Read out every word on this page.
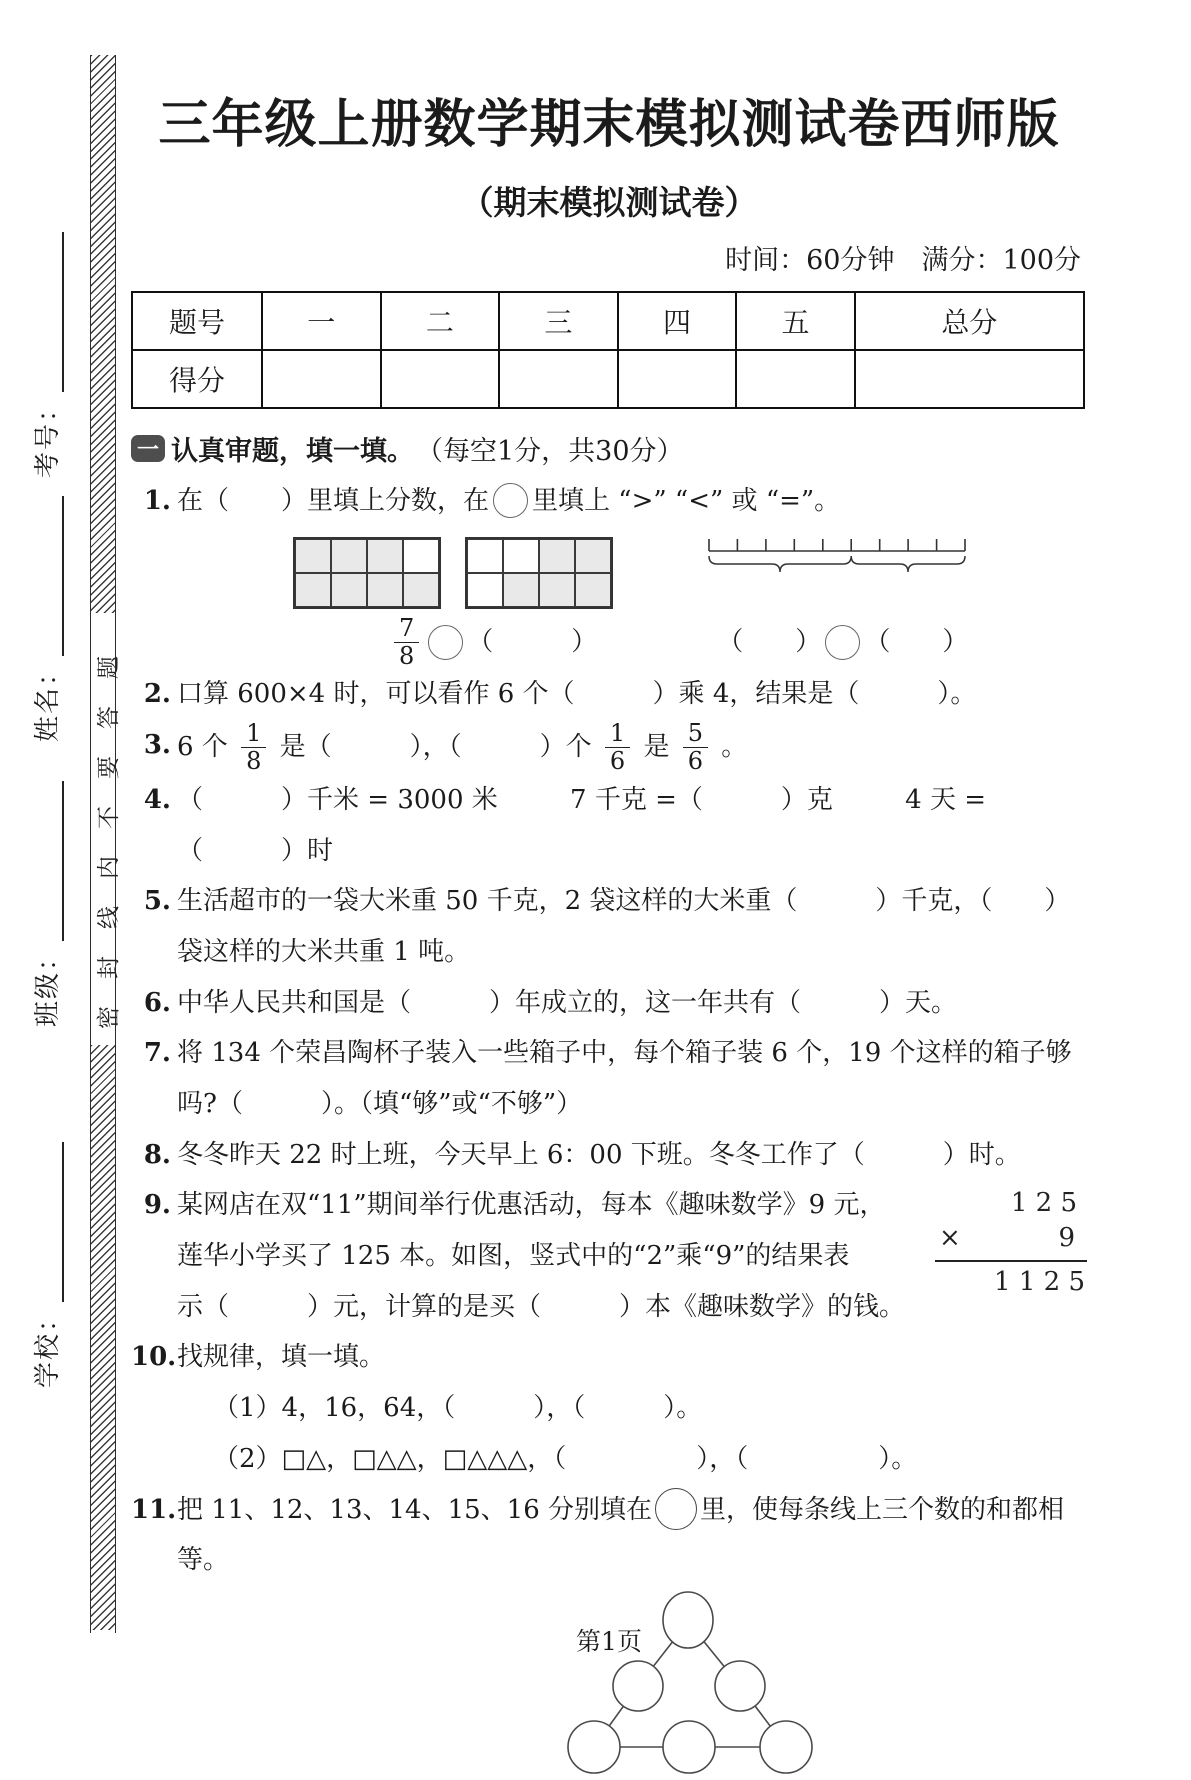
考号：
姓名：
班级：
学校：
密封线内不要答题
三年级上册数学期末模拟测试卷西师版
（期末模拟测试卷）
时间：60分钟　满分：100分
题号	一	二	三	四	五	总分
得分						
一 认真审题，填一填。 （每空1分，共30分）
1. 在（　　）里填上分数，在 里填上 “>” “<” 或 “=”。
$\frac{7}{8}$ （　　　）	（　　） （　　）
2. 口算 600×4 时，可以看作 6 个（　　　）乘 4，结果是（　　　）。
3. 6 个 $\frac{1}{8}$ 是（　　　），（　　　）个 $\frac{1}{6}$ 是 $\frac{5}{6}$ 。
4. （　　　）千米 = 3000 米	7 千克 =（　　　）克	4 天 =（　　　）时
5. 生活超市的一袋大米重 50 千克，2 袋这样的大米重（　　　）千克，（　　）
袋这样的大米共重 1 吨。
6. 中华人民共和国是（　　　）年成立的，这一年共有（　　　）天。
7. 将 134 个荣昌陶杯子装入一些箱子中，每个箱子装 6 个，19 个这样的箱子够
吗?（　　　）。（填“够”或“不够”）
8. 冬冬昨天 22 时上班，今天早上 6：00 下班。冬冬工作了（　　　）时。
9. 某网店在双“11”期间举行优惠活动，每本《趣味数学》9 元，
莲华小学买了 125 本。如图，竖式中的“2”乘“9”的结果表
示（　　　）元，计算的是买（　　　）本《趣味数学》的钱。
1 2 5
×	9
1 1 2 5
10. 找规律，填一填。
（1）4，16，64，（　　　），（　　　）。
（2）□△，□△△，□△△△，（　　　　　），（　　　　　）。
11. 把 11、12、13、14、15、16 分别填在 里，使每条线上三个数的和都相等。
第1页
